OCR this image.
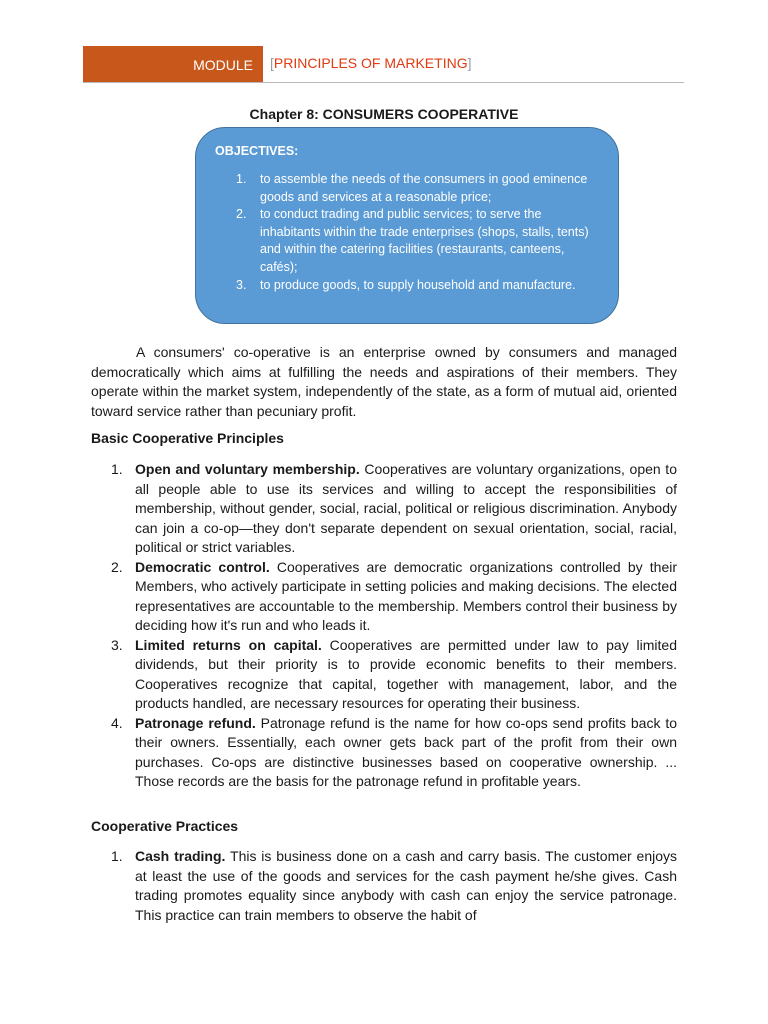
MODULE	[PRINCIPLES OF MARKETING]
Chapter 8: CONSUMERS COOPERATIVE
OBJECTIVES:
1. to assemble the needs of the consumers in good eminence goods and services at a reasonable price;
2. to conduct trading and public services; to serve the inhabitants within the trade enterprises (shops, stalls, tents) and within the catering facilities (restaurants, canteens, cafés);
3. to produce goods, to supply household and manufacture.

A consumers' co-operative is an enterprise owned by consumers and managed democratically which aims at fulfilling the needs and aspirations of their members. They operate within the market system, independently of the state, as a form of mutual aid, oriented toward service rather than pecuniary profit.

Basic Cooperative Principles
1. Open and voluntary membership. Cooperatives are voluntary organizations, open to all people able to use its services and willing to accept the responsibilities of membership, without gender, social, racial, political or religious discrimination. Anybody can join a co-op—they don't separate dependent on sexual orientation, social, racial, political or strict variables.
2. Democratic control. Cooperatives are democratic organizations controlled by their Members, who actively participate in setting policies and making decisions. The elected representatives are accountable to the membership. Members control their business by deciding how it's run and who leads it.
3. Limited returns on capital. Cooperatives are permitted under law to pay limited dividends, but their priority is to provide economic benefits to their members. Cooperatives recognize that capital, together with management, labor, and the products handled, are necessary resources for operating their business.
4. Patronage refund. Patronage refund is the name for how co-ops send profits back to their owners. Essentially, each owner gets back part of the profit from their own purchases. Co-ops are distinctive businesses based on cooperative ownership. ... Those records are the basis for the patronage refund in profitable years.
Cooperative Practices
1. Cash trading. This is business done on a cash and carry basis. The customer enjoys at least the use of the goods and services for the cash payment he/she gives. Cash trading promotes equality since anybody with cash can enjoy the service patronage. This practice can train members to observe the habit of
